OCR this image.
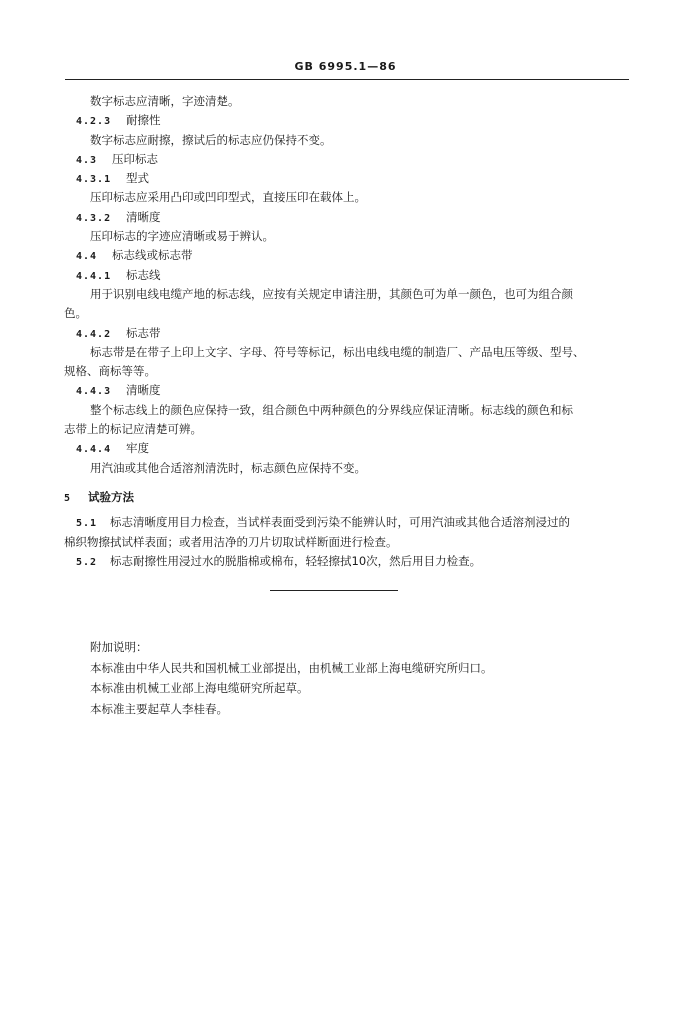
GB 6995.1—86
数字标志应清晰，字迹清楚。
4.2.3 耐擦性
数字标志应耐擦，擦试后的标志应仍保持不变。
4.3 压印标志
4.3.1 型式
压印标志应采用凸印或凹印型式，直接压印在载体上。
4.3.2 清晰度
压印标志的字迹应清晰或易于辨认。
4.4 标志线或标志带
4.4.1 标志线
用于识别电线电缆产地的标志线，应按有关规定申请注册，其颜色可为单一颜色，也可为组合颜
色。
4.4.2 标志带
标志带是在带子上印上文字、字母、符号等标记，标出电线电缆的制造厂、产品电压等级、型号、
规格、商标等等。
4.4.3 清晰度
整个标志线上的颜色应保持一致，组合颜色中两种颜色的分界线应保证清晰。标志线的颜色和标
志带上的标记应清楚可辨。
4.4.4 牢度
用汽油或其他合适溶剂清洗时，标志颜色应保持不变。
5 试验方法
5.1 标志清晰度用目力检查，当试样表面受到污染不能辨认时，可用汽油或其他合适溶剂浸过的
棉织物擦拭试样表面；或者用洁净的刀片切取试样断面进行检查。
5.2 标志耐擦性用浸过水的脱脂棉或棉布，轻轻擦拭10次，然后用目力检查。
附加说明：
本标准由中华人民共和国机械工业部提出，由机械工业部上海电缆研究所归口。
本标准由机械工业部上海电缆研究所起草。
本标准主要起草人李桂春。
